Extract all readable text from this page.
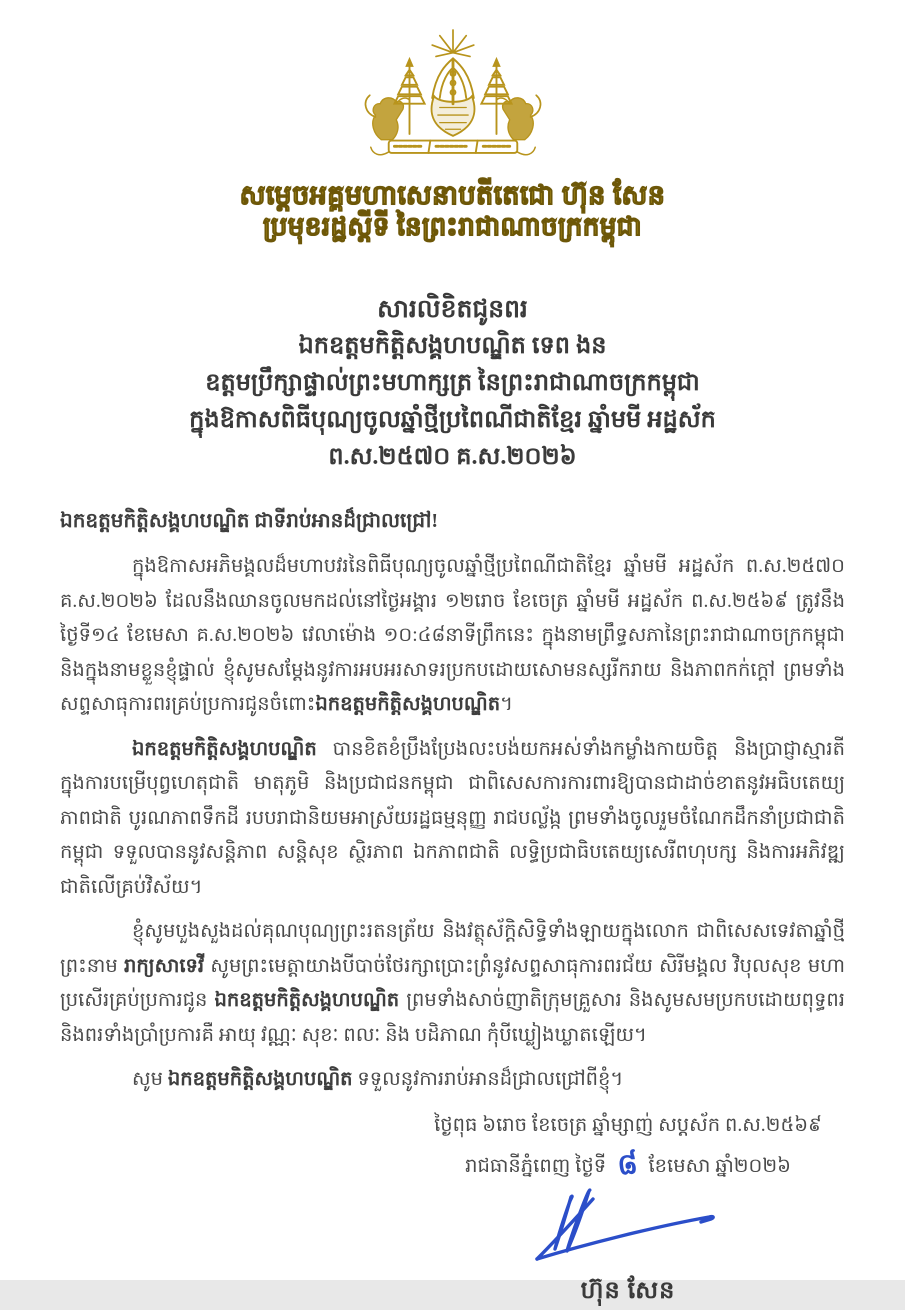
សម្តេចអគ្គមហាសេនាបតីតេជោ ហ៊ុន សែន
ប្រមុខរដ្ឋស្តីទី នៃព្រះរាជាណាចក្រកម្ពុជា
សារលិខិតជូនពរ
ឯកឧត្តមកិត្តិសង្គហបណ្ឌិត ទេព ងន
ឧត្តមប្រឹក្សាផ្ទាល់ព្រះមហាក្សត្រ នៃព្រះរាជាណាចក្រកម្ពុជា
ក្នុងឱកាសពិធីបុណ្យចូលឆ្នាំថ្មីប្រពៃណីជាតិខ្មែរ ឆ្នាំមមី អដ្ឋស័ក
ព.ស.២៥៧០ គ.ស.២០២៦

ឯកឧត្តមកិត្តិសង្គហបណ្ឌិត ជាទីរាប់អានដ៏ជ្រាលជ្រៅ!

ក្នុងឱកាសអភិមង្គលដ៏មហាបវរនៃពិធីបុណ្យចូលឆ្នាំថ្មីប្រពៃណីជាតិខ្មែរ ឆ្នាំមមី អដ្ឋស័ក ព.ស.២៥៧០ គ.ស.២០២៦ ដែលនឹងឈានចូលមកដល់នៅថ្ងៃអង្គារ ១២រោច ខែចេត្រ ឆ្នាំមមី អដ្ឋស័ក ព.ស.២៥៦៩ ត្រូវនឹងថ្ងៃទី១៤ ខែមេសា គ.ស.២០២៦ វេលាម៉ោង ១០:៤៨នាទីព្រឹកនេះ ក្នុងនាមព្រឹទ្ធសភានៃព្រះរាជាណាចក្រកម្ពុជា និងក្នុងនាមខ្លួនខ្ញុំផ្ទាល់ ខ្ញុំសូមសម្តែងនូវការអបអរសាទរប្រកបដោយសោមនស្សរីករាយ និងភាពកក់ក្តៅ ព្រមទាំងសព្ទសាធុការពរគ្រប់ប្រការជូនចំពោះឯកឧត្តមកិត្តិសង្គហបណ្ឌិត។

ឯកឧត្តមកិត្តិសង្គហបណ្ឌិត បានខិតខំប្រឹងប្រែងលះបង់យកអស់ទាំងកម្លាំងកាយចិត្ត និងប្រាជ្ញាស្មារតី ក្នុងការបម្រើបុព្វហេតុជាតិ មាតុភូមិ និងប្រជាជនកម្ពុជា ជាពិសេសការការពារឱ្យបានជាដាច់ខាតនូវអធិបតេយ្យភាពជាតិ បូរណភាពទឹកដី របបរាជានិយមអាស្រ័យរដ្ឋធម្មនុញ្ញ រាជបល្ល័ង្ក ព្រមទាំងចូលរួមចំណែកដឹកនាំប្រជាជាតិកម្ពុជា ទទួលបាននូវសន្តិភាព សន្តិសុខ ស្ថិរភាព ឯកភាពជាតិ លទ្ធិប្រជាធិបតេយ្យសេរីពហុបក្ស និងការអភិវឌ្ឍជាតិលើគ្រប់វិស័យ។

ខ្ញុំសូមបួងសួងដល់គុណបុណ្យព្រះរតនត្រ័យ និងវត្ថុស័ក្តិសិទ្ធិទាំងឡាយក្នុងលោក ជាពិសេសទេវតាឆ្នាំថ្មីព្រះនាម រាក្យសាទេវី សូមព្រះមេត្តាយាងបីបាច់ថែរក្សាប្រោះព្រំនូវសព្ទសាធុការពរជ័យ សិរីមង្គល វិបុលសុខ មហាប្រសើរគ្រប់ប្រការជូន ឯកឧត្តមកិត្តិសង្គហបណ្ឌិត ព្រមទាំងសាច់ញាតិក្រុមគ្រួសារ និងសូមសមប្រកបដោយពុទ្ធពរ និងពរទាំងប្រាំប្រការគឺ អាយុ វណ្ណៈ សុខៈ ពលៈ និង បដិភាណ កុំបីឃ្លៀងឃ្លាតឡើយ។

សូម ឯកឧត្តមកិត្តិសង្គហបណ្ឌិត ទទួលនូវការរាប់អានដ៏ជ្រាលជ្រៅពីខ្ញុំ។

ថ្ងៃពុធ ៦រោច ខែចេត្រ ឆ្នាំម្សាញ់ សប្តស័ក ព.ស.២៥៦៩
រាជធានីភ្នំពេញ ថ្ងៃទី ៨ ខែមេសា ឆ្នាំ២០២៦
ហ៊ុន សែន
